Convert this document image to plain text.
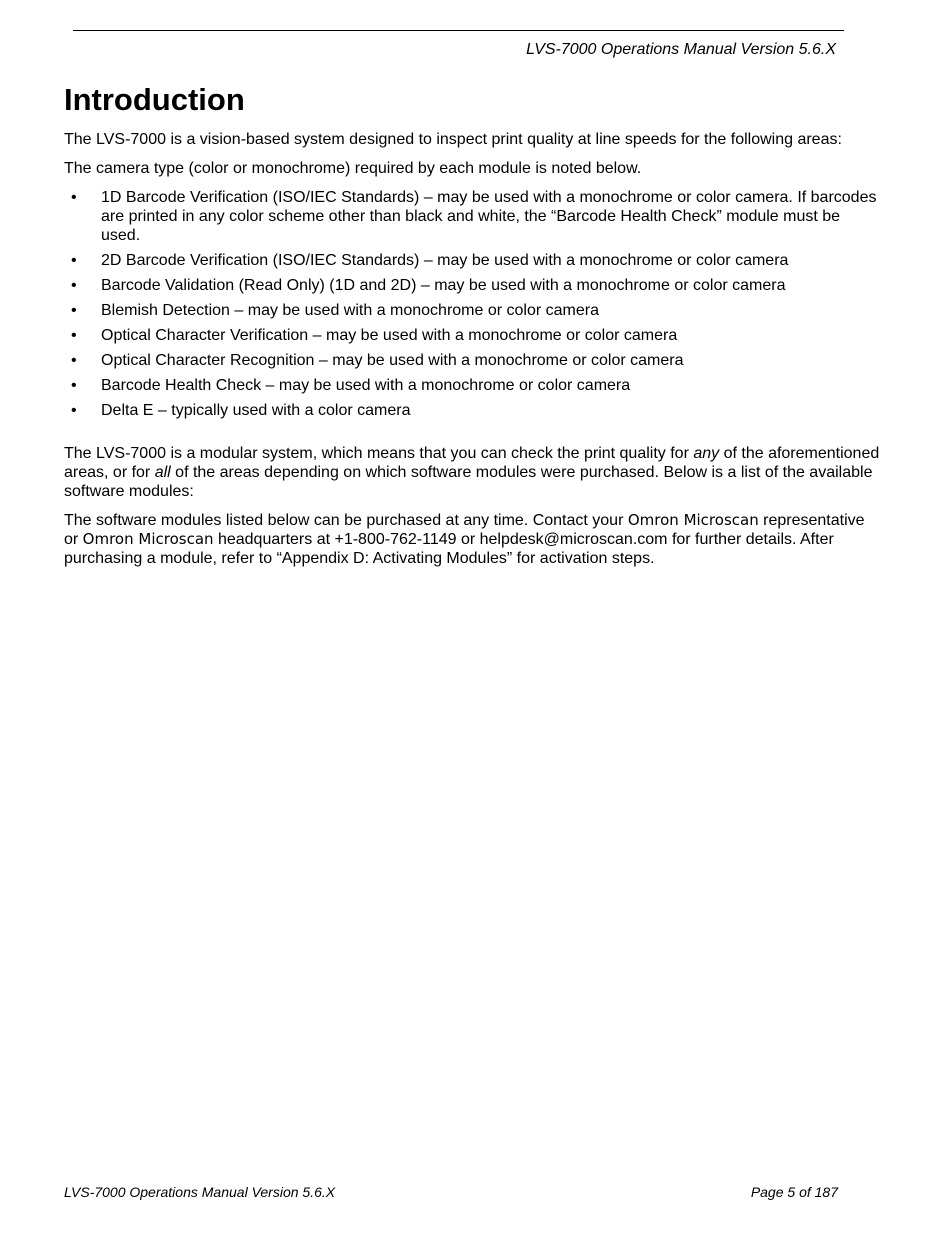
LVS-7000 Operations Manual Version 5.6.X
Introduction

The LVS-7000 is a vision-based system designed to inspect print quality at line speeds for the following areas:

The camera type (color or monochrome) required by each module is noted below.

• 1D Barcode Verification (ISO/IEC Standards) – may be used with a monochrome or color camera. If barcodes are printed in any color scheme other than black and white, the “Barcode Health Check” module must be used.
• 2D Barcode Verification (ISO/IEC Standards) – may be used with a monochrome or color camera
• Barcode Validation (Read Only) (1D and 2D) – may be used with a monochrome or color camera
• Blemish Detection – may be used with a monochrome or color camera
• Optical Character Verification – may be used with a monochrome or color camera
• Optical Character Recognition – may be used with a monochrome or color camera
• Barcode Health Check – may be used with a monochrome or color camera
• Delta E – typically used with a color camera

The LVS-7000 is a modular system, which means that you can check the print quality for any of the aforementioned areas, or for all of the areas depending on which software modules were purchased. Below is a list of the available software modules:

The software modules listed below can be purchased at any time. Contact your Omron Microscan representative or Omron Microscan headquarters at +1-800-762-1149 or helpdesk@microscan.com for further details. After purchasing a module, refer to “Appendix D: Activating Modules” for activation steps.

LVS-7000 Operations Manual Version 5.6.X	Page 5 of 187
